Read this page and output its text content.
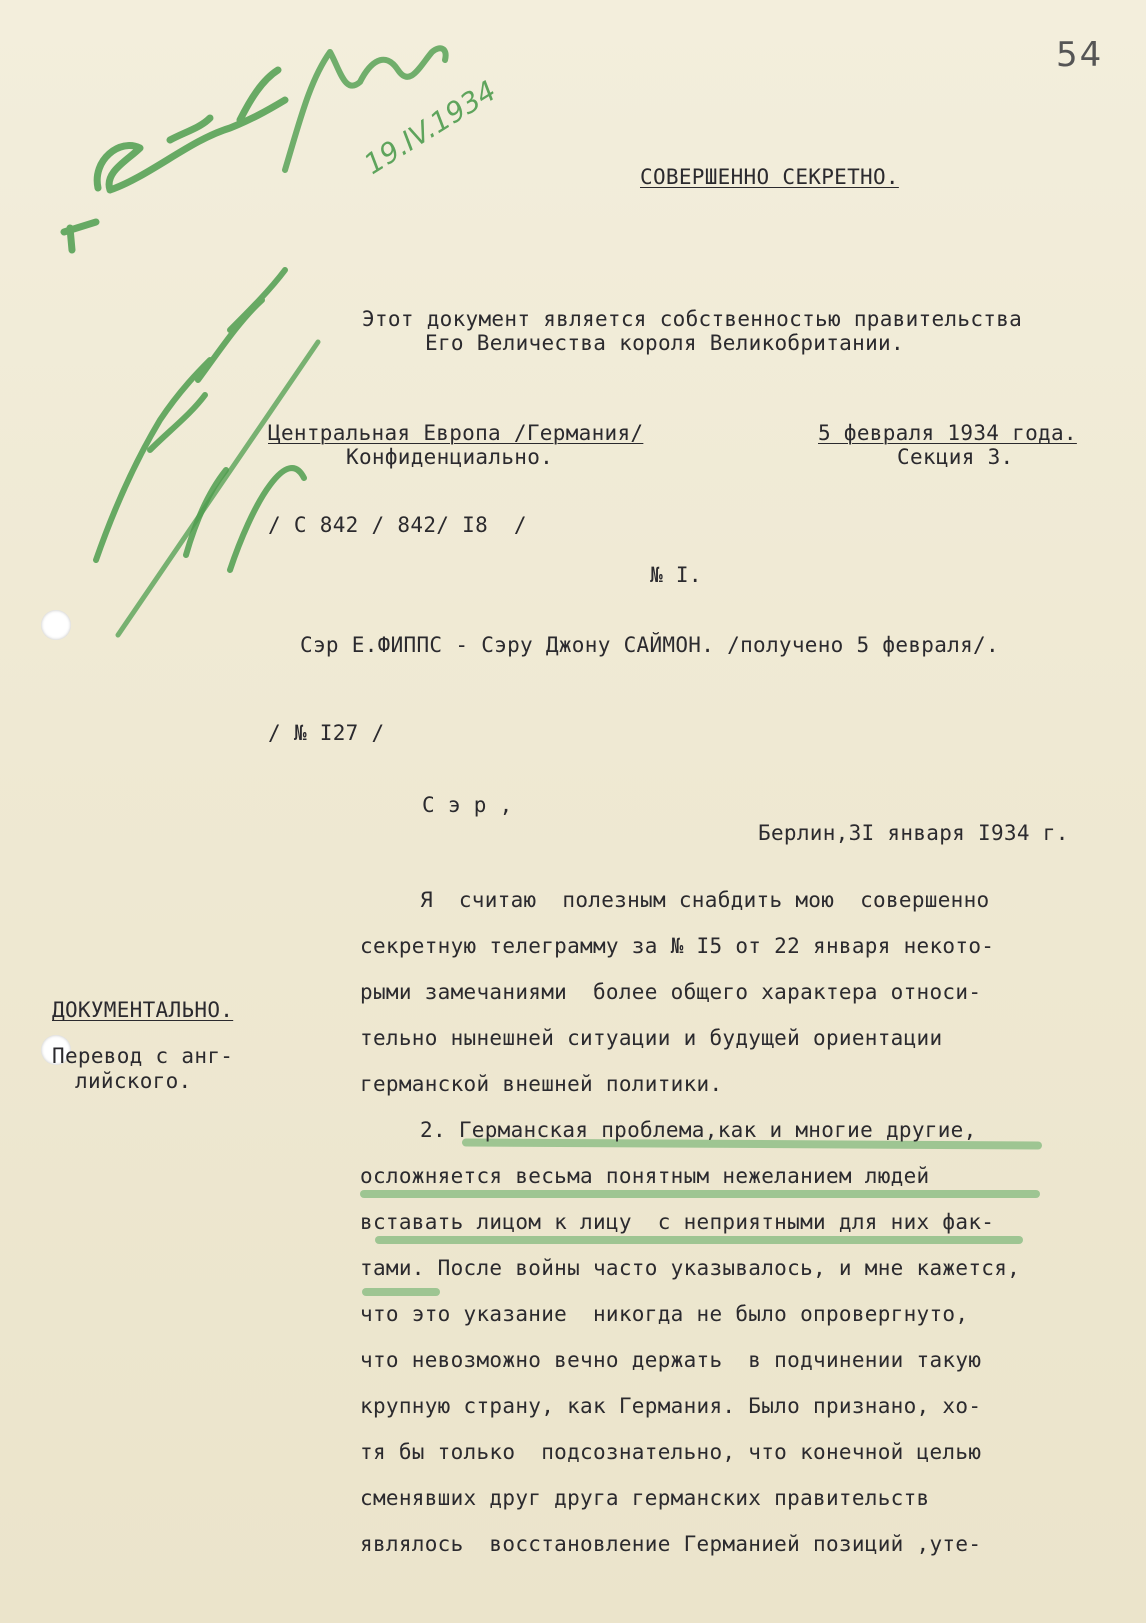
54
СОВЕРШЕННО СЕКРЕТНО.
Этот документ является собственностью правительства
Его Величества короля Великобритании.
Центральная Европа /Германия/
Конфиденциально.
5 февраля 1934 года.
Секция 3.
/ С 842 / 842/ I8  /
№ I.
Сэр Е.ФИППС - Сэру Джону САЙМОН. /получено 5 февраля/.
/ № I27 /
С э р ,
Берлин,3I января I934 г.
ДОКУМЕНТАЛЬНО.
Перевод с анг-
лийского.
Я  считаю  полезным снабдить мою  совершенно
секретную телеграмму за № I5 от 22 января некото-
рыми замечаниями  более общего характера относи-
тельно нынешней ситуации и будущей ориентации
германской внешней политики.
2. Германская проблема,как и многие другие,
осложняется весьма понятным нежеланием людей
вставать лицом к лицу  с неприятными для них фак-
тами. После войны часто указывалось, и мне кажется,
что это указание  никогда не было опровергнуто,
что невозможно вечно держать  в подчинении такую
крупную страну, как Германия. Было признано, хо-
тя бы только  подсознательно, что конечной целью
сменявших друг друга германских правительств
являлось  восстановление Германией позиций ,уте-
19.IV.1934
